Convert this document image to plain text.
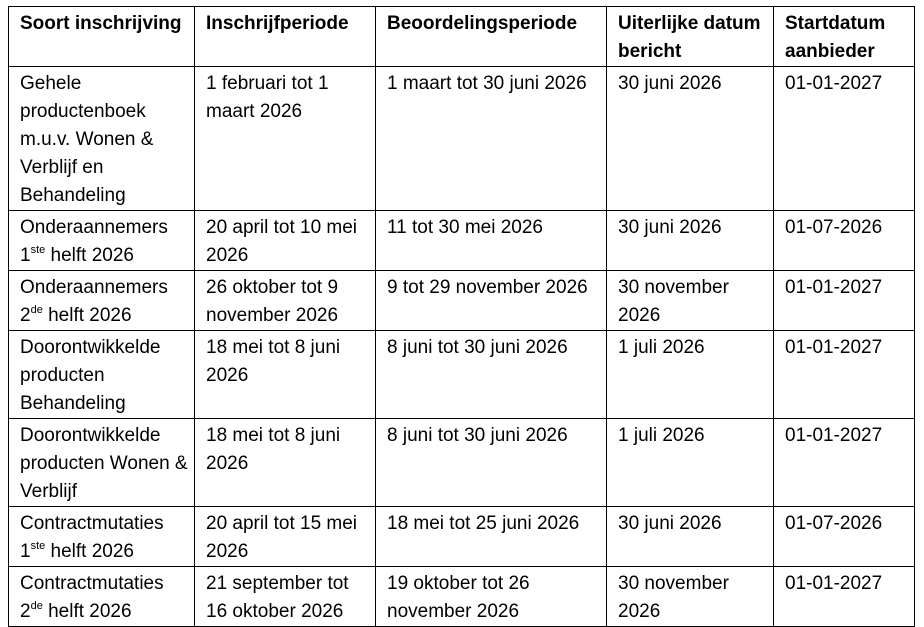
Soort inschrijving	Inschrijfperiode	Beoordelingsperiode	Uiterlijke datum bericht	Startdatum aanbieder
Gehele productenboek m.u.v. Wonen & Verblijf en Behandeling	1 februari tot 1 maart 2026	1 maart tot 30 juni 2026	30 juni 2026	01-01-2027
Onderaannemers 1ste helft 2026	20 april tot 10 mei 2026	11 tot 30 mei 2026	30 juni 2026	01-07-2026
Onderaannemers 2de helft 2026	26 oktober tot 9 november 2026	9 tot 29 november 2026	30 november 2026	01-01-2027
Doorontwikkelde producten Behandeling	18 mei tot 8 juni 2026	8 juni tot 30 juni 2026	1 juli 2026	01-01-2027
Doorontwikkelde producten Wonen & Verblijf	18 mei tot 8 juni 2026	8 juni tot 30 juni 2026	1 juli 2026	01-01-2027
Contractmutaties 1ste helft 2026	20 april tot 15 mei 2026	18 mei tot 25 juni 2026	30 juni 2026	01-07-2026
Contractmutaties 2de helft 2026	21 september tot 16 oktober 2026	19 oktober tot 26 november 2026	30 november 2026	01-01-2027
